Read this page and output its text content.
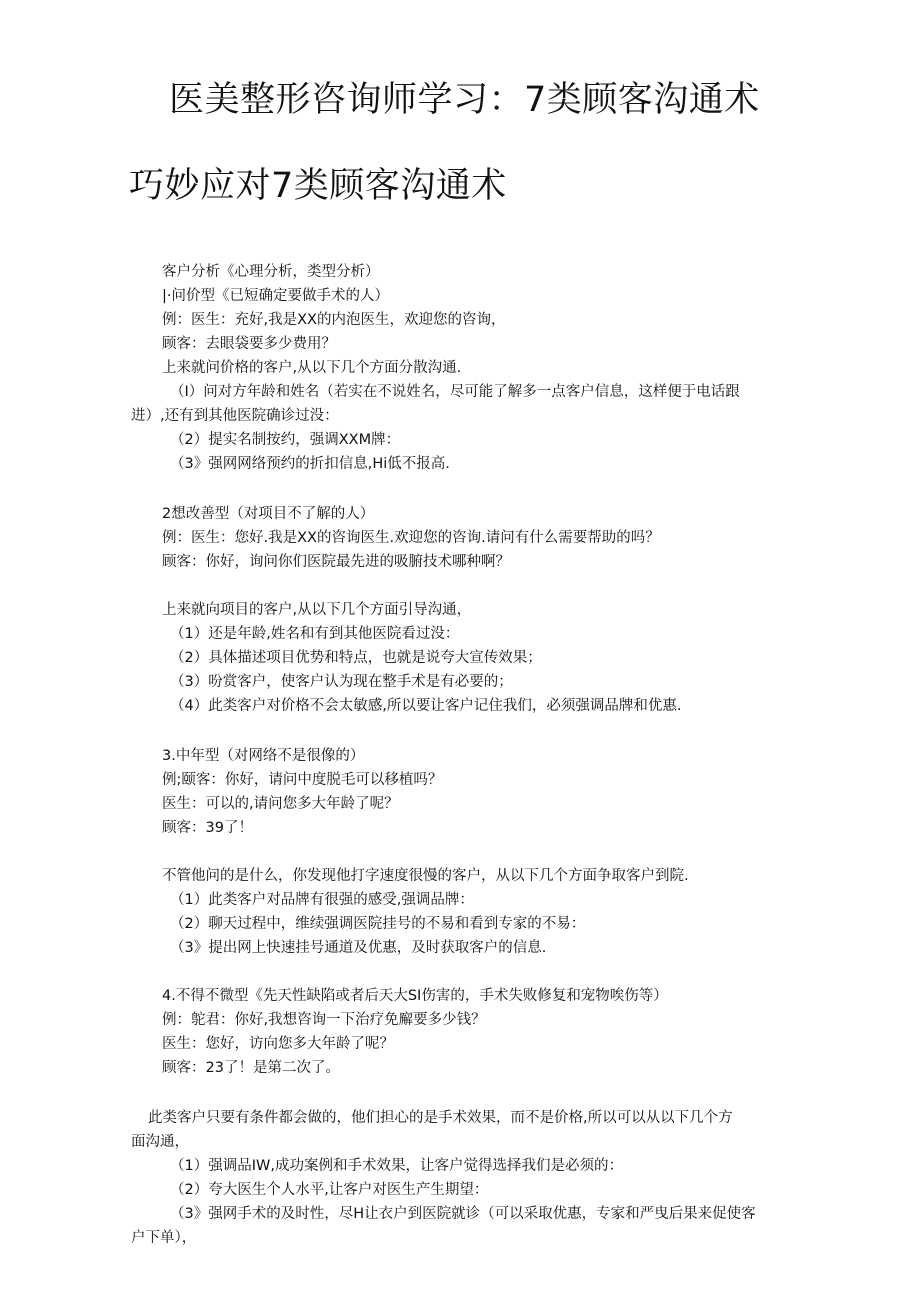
医美整形咨询师学习：7类顾客沟通术
巧妙应对7类顾客沟通术
客户分析《心理分析，类型分析）
|·问价型《已短确定要做手术的人）
例：医生：充好,我是XX的内泡医生，欢迎您的咨询，
顾客：去眼袋要多少费用？
上来就问价格的客户,从以下几个方面分散沟通.
（I）问对方年龄和姓名（若实在不说姓名，尽可能了解多一点客户信息，这样便于电话跟
进）,还有到其他医院确诊过没：
（2）提实名制按约，强调XXM牌：
（3》强网网络预约的折扣信息,Hi低不报高.
2想改善型（对项目不了解的人）
例：医生：您好.我是XX的咨询医生.欢迎您的咨询.请问有什么需要帮助的吗？
顾客：你好，询问你们医院最先进的吸腑技术哪种啊？
上来就向项目的客户,从以下几个方面引导沟通，
（1）还是年龄,姓名和有到其他医院看过没：
（2）具体描述项目优势和特点，也就是说夸大宣传效果；
（3）吩赏客户，使客户认为现在整手术是有必要的；
（4）此类客户对价格不会太敏感,所以要让客户记住我们，必须强调品牌和优惠.
3.中年型（对网络不是很像的）
例;颐客：你好，请问中度脱毛可以移植吗？
医生：可以的,请问您多大年龄了呢？
顾客：39了！
不管他问的是什么，你发现他打字速度很慢的客户，从以下几个方面争取客户到院.
（1）此类客户对品牌有很强的感受,强调品牌：
（2）聊天过程中，维续强调医院挂号的不易和看到专家的不易：
（3》提出网上快速挂号通道及优惠，及时获取客户的信息.
4.不得不微型《先天性缺陷或者后天大SI伤害的，手术失败修复和宠物唉伤等）
例：鸵君：你好,我想咨询一下治疗免廨要多少钱？
医生：您好，访向您多大年龄了呢？
顾客：23了！是第二次了。
此类客户只要有条件都会做的，他们担心的是手术效果，而不是价格,所以可以从以下几个方
面沟通，
（1）强调品IW,成功案例和手术效果，让客户觉得选择我们是必须的：
（2）夸大医生个人水平,让客户对医生产生期望：
（3》强网手术的及时性，尽H让衣户到医院就诊（可以采取优惠，专家和严曳后果来促使客
户下单），
